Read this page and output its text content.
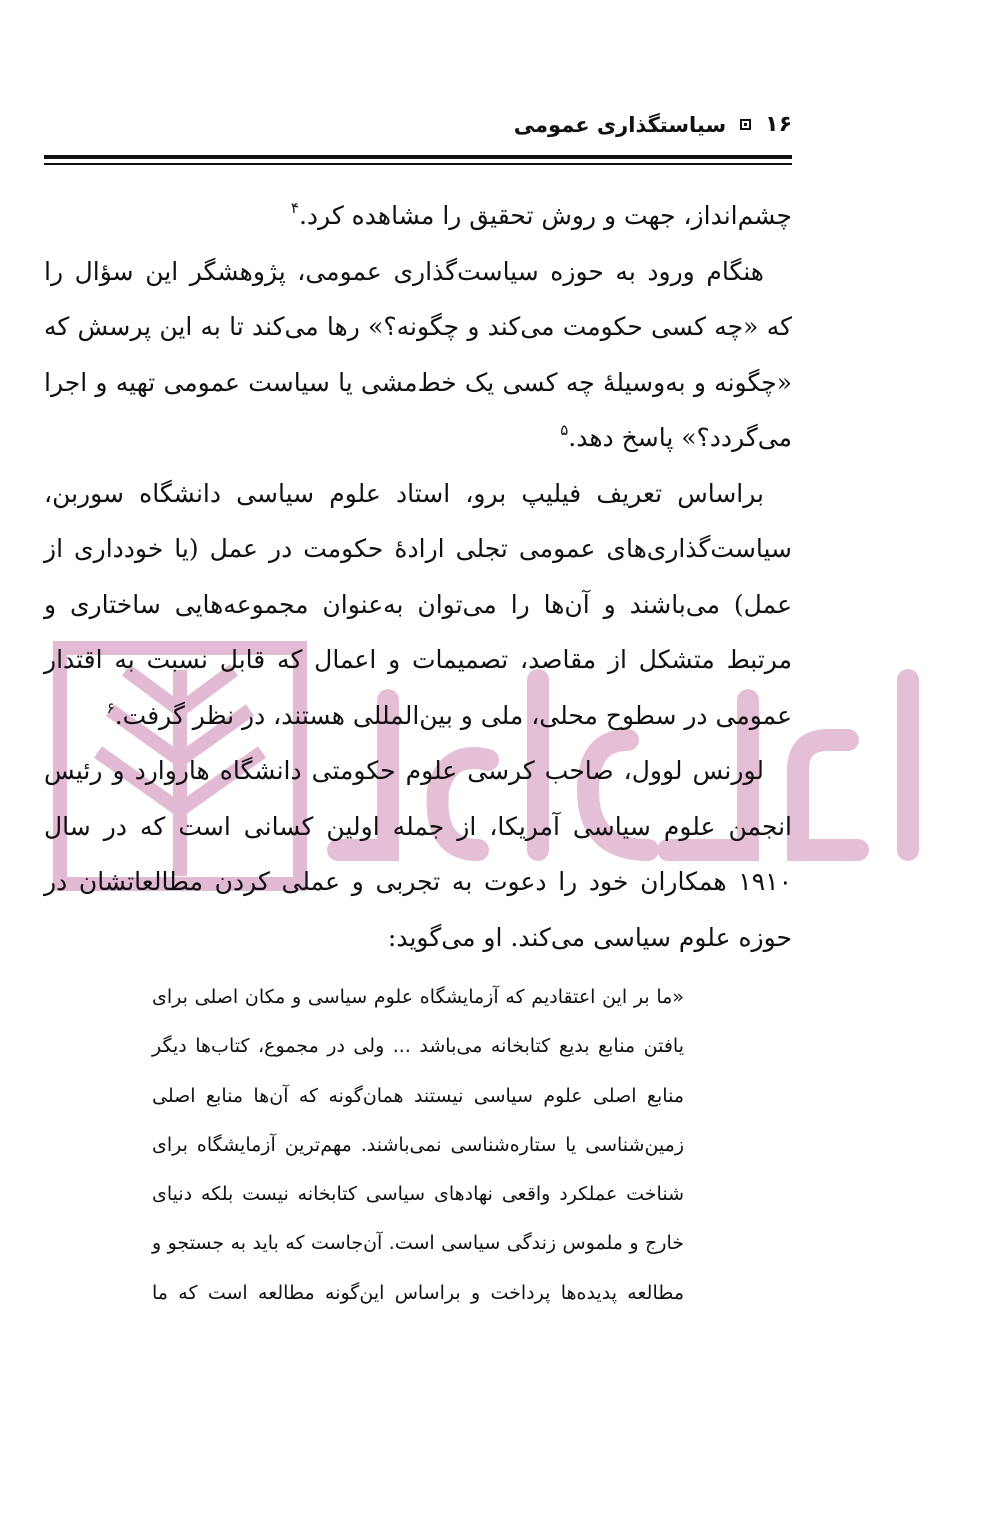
۱۶
سیاستگذاری عمومی

چشم‌انداز، جهت و روش تحقیق را مشاهده کرد.$^۴$

هنگام ورود به حوزه سیاست‌گذاری عمومی، پژوهشگر این سؤال را که «چه کسی حکومت می‌کند و چگونه؟» رها می‌کند تا به این پرسش که «چگونه و به‌وسیلهٔ چه کسی یک خط‌مشی یا سیاست عمومی تهیه و اجرا می‌گردد؟» پاسخ دهد.$^۵$

براساس تعریف فیلیپ برو، استاد علوم سیاسی دانشگاه سوربن، سیاست‌گذاری‌های عمومی تجلی ارادهٔ حکومت در عمل (یا خودداری از عمل) می‌باشند و آن‌ها را می‌توان به‌عنوان مجموعه‌هایی ساختاری و مرتبط متشکل از مقاصد، تصمیمات و اعمال که قابل نسبت به اقتدار عمومی در سطوح محلی، ملی و بین‌المللی هستند، در نظر گرفت.$^۶$

لورنس لوول، صاحب کرسی علوم حکومتی دانشگاه هاروارد و رئیس انجمن علوم سیاسی آمریکا، از جمله اولین کسانی است که در سال ۱۹۱۰ همکاران خود را دعوت به تجربی و عملی کردن مطالعاتشان در حوزه علوم سیاسی می‌کند. او می‌گوید:

«ما بر این اعتقادیم که آزمایشگاه علوم سیاسی و مکان اصلی برای یافتن منابع بدیع کتابخانه می‌باشد ... ولی در مجموع، کتاب‌ها دیگر منابع اصلی علوم سیاسی نیستند همان‌گونه که آن‌ها منابع اصلی زمین‌شناسی یا ستاره‌شناسی نمی‌باشند. مهم‌ترین آزمایشگاه برای شناخت عملکرد واقعی نهادهای سیاسی کتابخانه نیست بلکه دنیای خارج و ملموس زندگی سیاسی است. آن‌جاست که باید به جستجو و مطالعه پدیده‌ها پرداخت و براساس این‌گونه مطالعه است که ما
